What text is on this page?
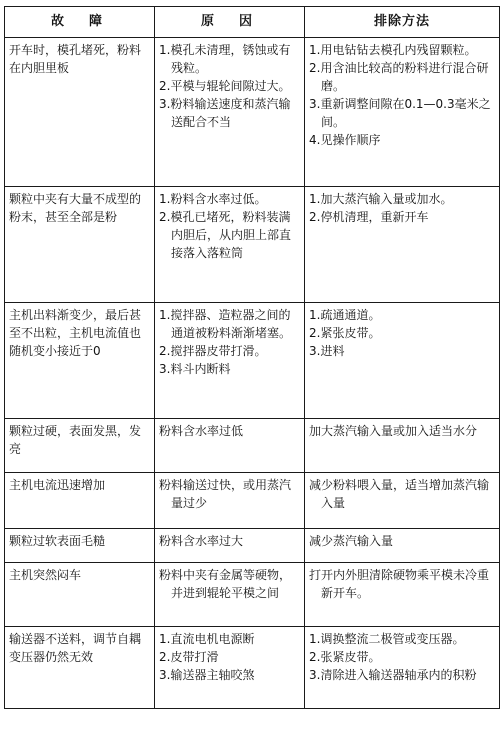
故　障	原　因	排除方法
开车时，模孔堵死，粉料在内胆里板	1.模孔未清理，锈蚀或有残粒。
2.平模与辊轮间隙过大。
3.粉料输送速度和蒸汽输送配合不当	1.用电钻钻去模孔内残留颗粒。
2.用含油比较高的粉料进行混合研磨。
3.重新调整间隙在0.1—0.3毫米之间。
4.见操作顺序

颗粒中夹有大量不成型的粉末，甚至全部是粉	1.粉料含水率过低。
2.模孔已堵死，粉料装满内胆后，从内胆上部直接落入落粒筒	1.加大蒸汽输入量或加水。
2.停机清理，重新开车

主机出料渐变少，最后甚至不出粒，主机电流值也随机变小接近于0	1.搅拌器、造粒器之间的通道被粉料渐渐堵塞。
2.搅拌器皮带打滑。
3.料斗内断料	1.疏通通道。
2.紧张皮带。
3.进料

颗粒过硬，表面发黑，发亮	粉料含水率过低	加大蒸汽输入量或加入适当水分

主机电流迅速增加	粉料输送过快，或用蒸汽量过少	减少粉料喂入量，适当增加蒸汽输入量

颗粒过软表面毛糙	粉料含水率过大	减少蒸汽输入量

主机突然闷车	粉料中夹有金属等硬物，并进到辊轮平模之间	打开内外胆清除硬物乘平模未冷重新开车。

输送器不送料，调节自耦变压器仍然无效	1.直流电机电源断
2.皮带打滑
3.输送器主轴咬煞	1.调换整流二极管或变压器。
2.张紧皮带。
3.清除进入输送器轴承内的积粉
